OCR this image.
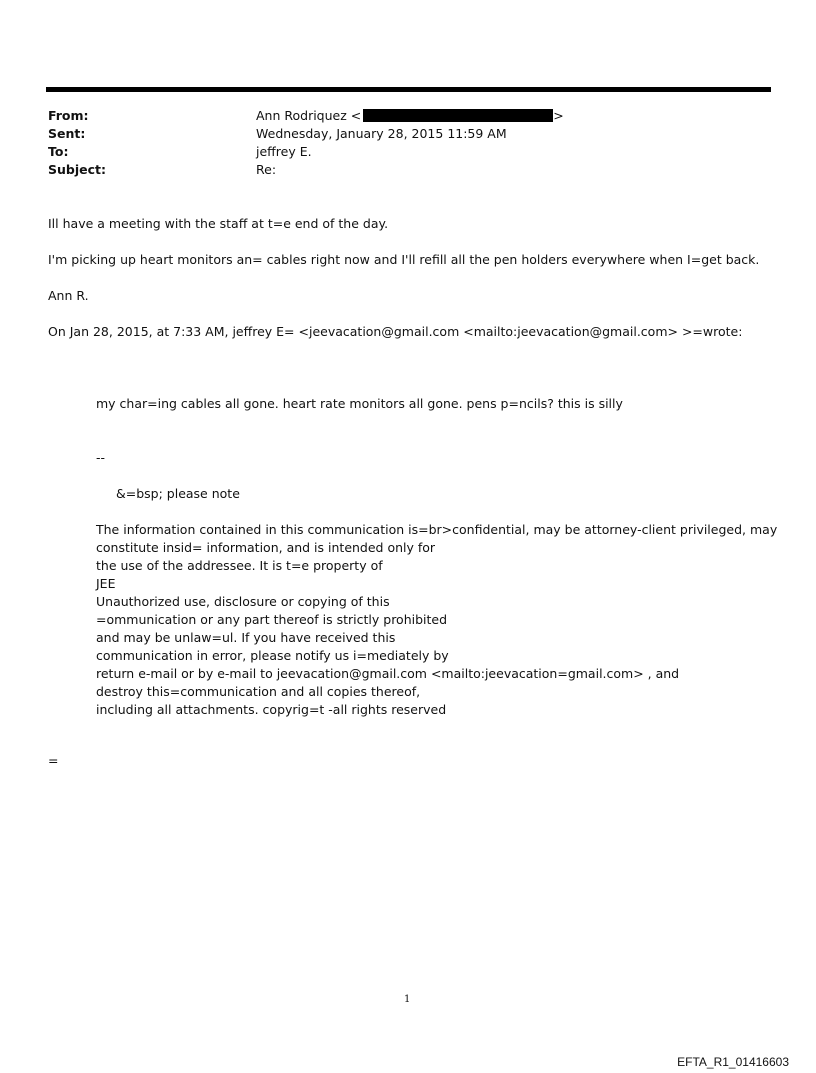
From:	Ann Rodriquez <	>
Sent:	Wednesday, January 28, 2015 11:59 AM
To:	jeffrey E.
Subject:	Re:
Ill have a meeting with the staff at t=e end of the day.
I'm picking up heart monitors an= cables right now and I'll refill all the pen holders everywhere when I=get back.
Ann R.
On Jan 28, 2015, at 7:33 AM, jeffrey E= <jeevacation@gmail.com <mailto:jeevacation@gmail.com> >=wrote:
my char=ing cables all gone. heart rate monitors all gone. pens p=ncils? this is silly
--
&=bsp; please note
The information contained in this communication is=br>confidential, may be attorney-client privileged, may
constitute insid= information, and is intended only for
the use of the addressee. It is t=e property of
JEE
Unauthorized use, disclosure or copying of this
=ommunication or any part thereof is strictly prohibited
and may be unlaw=ul. If you have received this
communication in error, please notify us i=mediately by
return e-mail or by e-mail to jeevacation@gmail.com <mailto:jeevacation=gmail.com> , and
destroy this=communication and all copies thereof,
including all attachments. copyrig=t -all rights reserved
=
1
EFTA_R1_01416603
